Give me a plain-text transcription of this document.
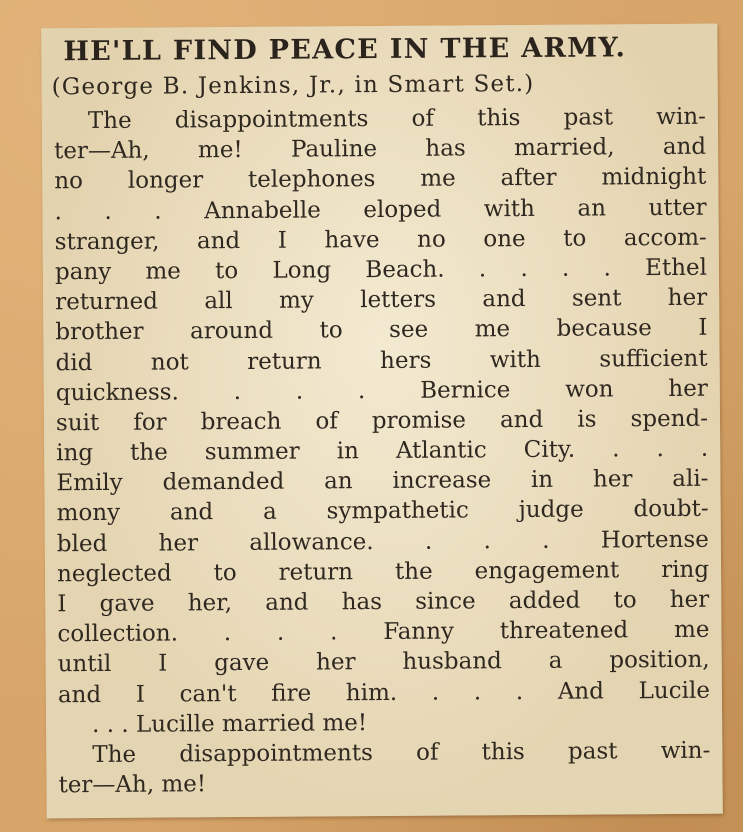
HE'LL FIND PEACE IN THE ARMY.

(George B. Jenkins, Jr., in Smart Set.)

The disappointments of this past win-
ter—Ah, me! Pauline has married, and
no longer telephones me after midnight
. . . Annabelle eloped with an utter
stranger, and I have no one to accom-
pany me to Long Beach. . . . . Ethel
returned all my letters and sent her
brother around to see me because I
did not return hers with sufficient
quickness. . . . Bernice won her
suit for breach of promise and is spend-
ing the summer in Atlantic City. . . .
Emily demanded an increase in her ali-
mony and a sympathetic judge doubt-
bled her allowance. . . . Hortense
neglected to return the engagement ring
I gave her, and has since added to her
collection. . . . Fanny threatened me
until I gave her husband a position,
and I can't fire him. . . . And Lucile
. . . Lucille married me!
The disappointments of this past win-
ter—Ah, me!
